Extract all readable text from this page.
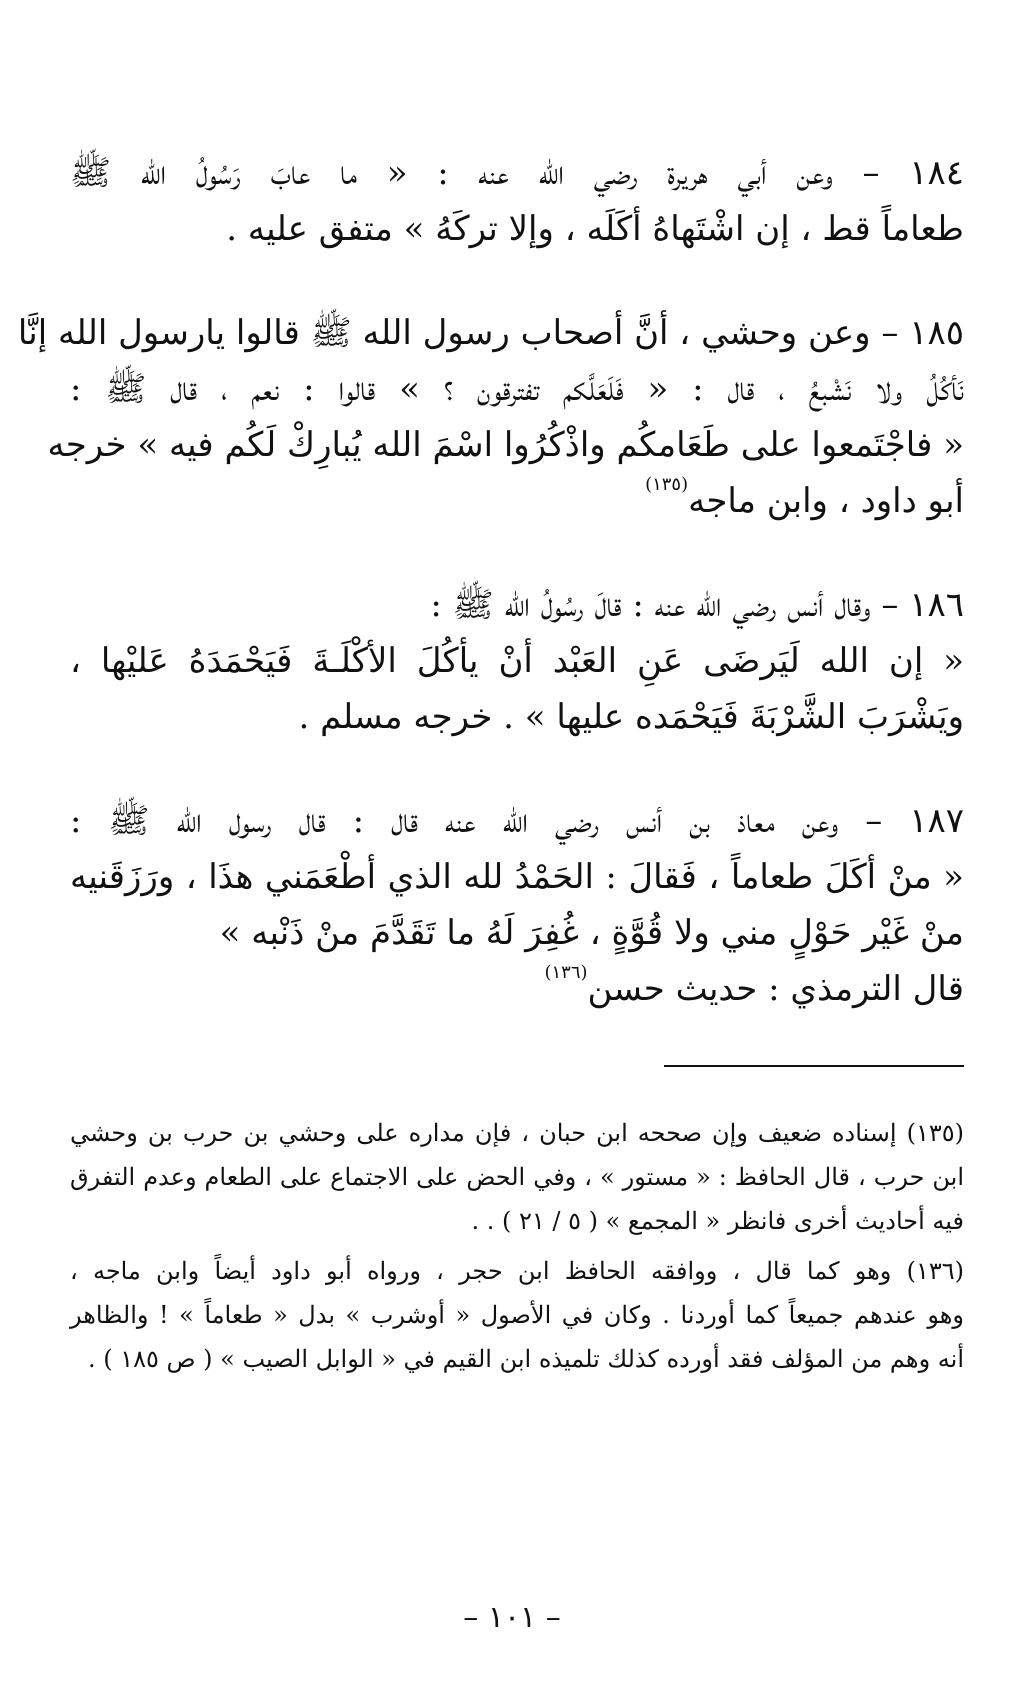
١٨٤ – وعن أبي هريرة رضي الله عنه : « ما عابَ رَسُولُ الله ﷺ
طعاماً قط ، إن اشْتَهاهُ أكَلَه ، وإلا تركَهُ » متفق عليه .
١٨٥ – وعن وحشي ، أنَّ أصحاب رسول الله ﷺ قالوا يارسول الله إنَّا
نَأكُلُ ولا نَشْبعُ ، قال : « فَلَعَلَّكم تفترقون ؟ » قالوا : نعم ، قال ﷺ :
« فاجْتَمعوا على طَعَامكُم واذْكُرُوا اسْمَ الله يُبارِكْ لَكُم فيه » خرجه
أبو داود ، وابن ماجه(١٣٥)
١٨٦ – وقال أنس رضي الله عنه : قالَ رسُولُ الله ﷺ :
« إن الله لَيَرضَى عَنِ العَبْد أنْ يأكُلَ الأكْلَـةَ فَيَحْمَدَهُ عَليْها ،
ويَشْرَبَ الشَّرْبَةَ فَيَحْمَده عليها » . خرجه مسلم .
١٨٧ – وعن معاذ بن أنس رضي الله عنه قال : قال رسول الله ﷺ :
« منْ أكَلَ طعاماً ، فَقالَ : الحَمْدُ لله الذي أطْعَمَني هذَا ، ورَزَقَنيه
منْ غَيْر حَوْلٍ مني ولا قُوَّةٍ ، غُفِرَ لَهُ ما تَقَدَّمَ منْ ذَنْبه »
قال الترمذي : حديث حسن(١٣٦)
(١٣٥) إسناده ضعيف وإن صححه ابن حبان ، فإن مداره على وحشي بن حرب بن وحشي
ابن حرب ، قال الحافظ : « مستور » ، وفي الحض على الاجتماع على الطعام وعدم التفرق
فيه أحاديث أخرى فانظر « المجمع » ( ٥ / ٢١ ) . .
(١٣٦) وهو كما قال ، ووافقه الحافظ ابن حجر ، ورواه أبو داود أيضاً وابن ماجه ،
وهو عندهم جميعاً كما أوردنا . وكان في الأصول « أوشرب » بدل « طعاماً » ! والظاهر
أنه وهم من المؤلف فقد أورده كذلك تلميذه ابن القيم في « الوابل الصيب » ( ص ١٨٥ ) .
– ١٠١ –
